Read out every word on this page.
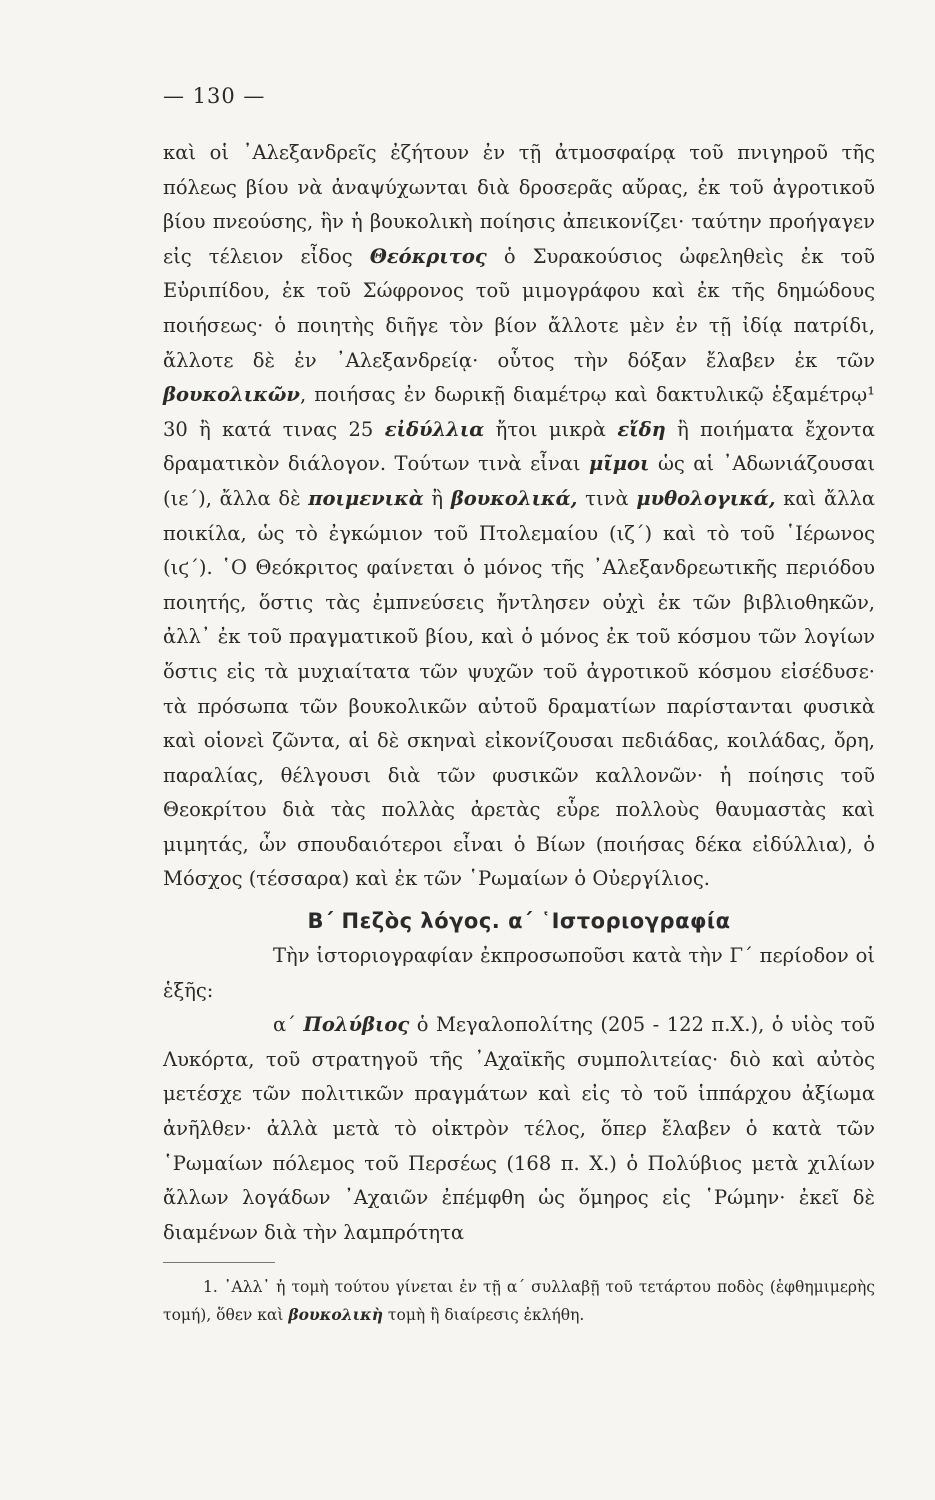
— 130 —

καὶ οἱ ᾿Αλεξανδρεῖς ἐζήτουν ἐν τῇ ἀτμοσφαίρᾳ τοῦ πνιγηροῦ τῆς πόλεως βίου νὰ ἀναψύχωνται διὰ δροσερᾶς αὔρας, ἐκ τοῦ ἀγροτικοῦ βίου πνεούσης, ἣν ἡ βουκολικὴ ποίησις ἀπεικονίζει· ταύτην προήγαγεν εἰς τέλειον εἶδος Θεόκριτος ὁ Συρακούσιος ὠφεληθεὶς ἐκ τοῦ Εὐριπίδου, ἐκ τοῦ Σώφρονος τοῦ μιμογράφου καὶ ἐκ τῆς δημώδους ποιήσεως· ὁ ποιητὴς διῆγε τὸν βίον ἄλλοτε μὲν ἐν τῇ ἰδίᾳ πατρίδι, ἄλλοτε δὲ ἐν ᾿Αλεξανδρείᾳ· οὗτος τὴν δόξαν ἔλαβεν ἐκ τῶν βουκολικῶν, ποιήσας ἐν δωρικῇ διαμέτρῳ καὶ δακτυλικῷ ἑξαμέτρῳ¹ 30 ἢ κατά τινας 25 εἰδύλλια ἤτοι μικρὰ εἴδη ἢ ποιήματα ἔχοντα δραματικὸν διάλογον. Τούτων τινὰ εἶναι μῖμοι ὡς αἱ ᾿Αδωνιάζουσαι (ιε΄), ἄλλα δὲ ποιμενικὰ ἢ βουκολικά, τινὰ μυθολογικά, καὶ ἄλλα ποικίλα, ὡς τὸ ἐγκώμιον τοῦ Πτολεμαίου (ιζ΄) καὶ τὸ τοῦ ῾Ιέρωνος (ιϛ΄). ῾Ο Θεόκριτος φαίνεται ὁ μόνος τῆς ᾿Αλεξανδρεωτικῆς περιόδου ποιητής, ὅστις τὰς ἐμπνεύσεις ἤντλησεν οὐχὶ ἐκ τῶν βιβλιοθηκῶν, ἀλλ᾿ ἐκ τοῦ πραγματικοῦ βίου, καὶ ὁ μόνος ἐκ τοῦ κόσμου τῶν λογίων ὅστις εἰς τὰ μυχιαίτατα τῶν ψυχῶν τοῦ ἀγροτικοῦ κόσμου εἰσέδυσε· τὰ πρόσωπα τῶν βουκολικῶν αὐτοῦ δραματίων παρίστανται φυσικὰ καὶ οἱονεὶ ζῶντα, αἱ δὲ σκηναὶ εἰκονίζουσαι πεδιάδας, κοιλάδας, ὄρη, παραλίας, θέλγουσι διὰ τῶν φυσικῶν καλλονῶν· ἡ ποίησις τοῦ Θεοκρίτου διὰ τὰς πολλὰς ἀρετὰς εὗρε πολλοὺς θαυμαστὰς καὶ μιμητάς, ὧν σπουδαιότεροι εἶναι ὁ Βίων (ποιήσας δέκα εἰδύλλια), ὁ Μόσχος (τέσσαρα) καὶ ἐκ τῶν ῾Ρωμαίων ὁ Οὐεργίλιος.

Β΄ Πεζὸς λόγος. α΄ ῾Ιστοριογραφία

Τὴν ἱστοριογραφίαν ἐκπροσωποῦσι κατὰ τὴν Γ΄ περίοδον οἱ ἑξῆς:

α΄ Πολύβιος ὁ Μεγαλοπολίτης (205 - 122 π.Χ.), ὁ υἱὸς τοῦ Λυκόρτα, τοῦ στρατηγοῦ τῆς ᾿Αχαϊκῆς συμπολιτείας· διὸ καὶ αὐτὸς μετέσχε τῶν πολιτικῶν πραγμάτων καὶ εἰς τὸ τοῦ ἱππάρχου ἀξίωμα ἀνῆλθεν· ἀλλὰ μετὰ τὸ οἰκτρὸν τέλος, ὅπερ ἔλαβεν ὁ κατὰ τῶν ῾Ρωμαίων πόλεμος τοῦ Περσέως (168 π. Χ.) ὁ Πολύβιος μετὰ χιλίων ἄλλων λογάδων ᾿Αχαιῶν ἐπέμφθη ὡς ὅμηρος εἰς ῾Ρώμην· ἐκεῖ δὲ διαμένων διὰ τὴν λαμπρότητα

1. ᾿Αλλ᾿ ἡ τομὴ τούτου γίνεται ἐν τῇ α΄ συλλαβῇ τοῦ τετάρτου ποδὸς (ἑφθημιμερὴς τομή), ὅθεν καὶ βουκολικὴ τομὴ ἢ διαίρεσις ἐκλήθη.
